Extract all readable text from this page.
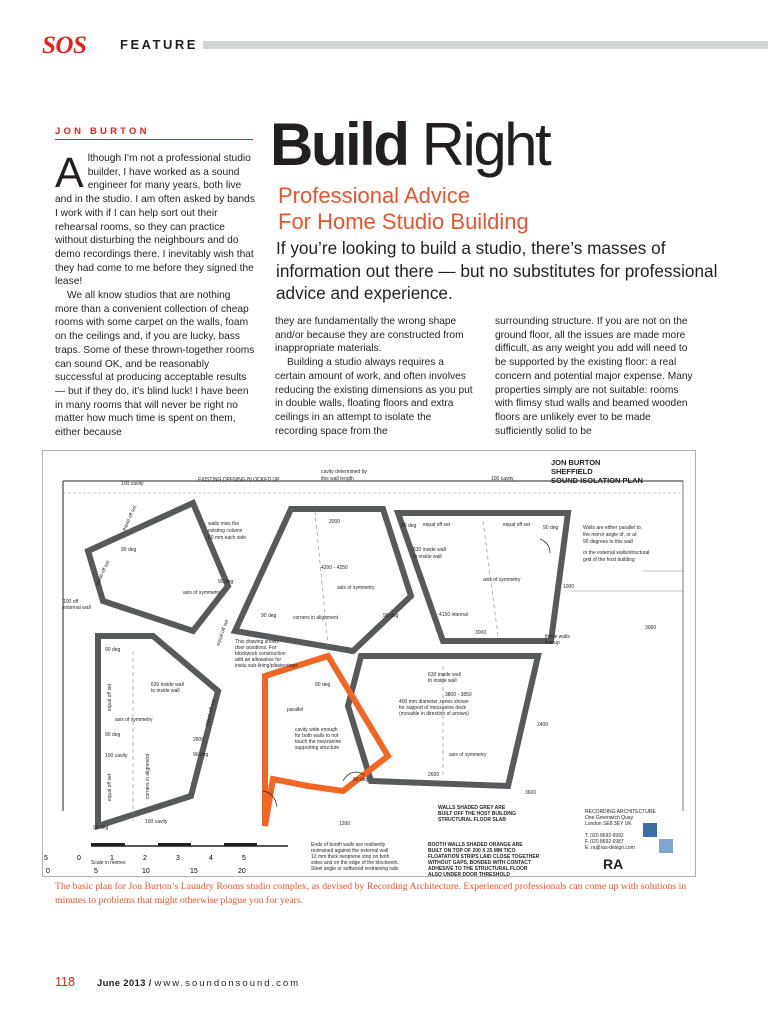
SOS	FEATURE
JON BURTON Build Right
Professional Advice
For Home Studio Building
If you’re looking to build a studio, there’s masses of information out there — but no substitutes for professional advice and experience.

Although I’m not a professional studio builder, I have worked as a sound engineer for many years, both live and in the studio. I am often asked by bands I work with if I can help sort out their rehearsal rooms, so they can practice without disturbing the neighbours and do demo recordings there. I inevitably wish that they had come to me before they signed the lease!

We all know studios that are nothing more than a convenient collection of cheap rooms with some carpet on the walls, foam on the ceilings and, if you are lucky, bass traps. Some of these thrown-together rooms can sound OK, and be reasonably successful at producing acceptable results — but if they do, it’s blind luck! I have been in many rooms that will never be right no matter how much time is spent on them, either because

they are fundamentally the wrong shape and/or because they are constructed from inappropriate materials.

Building a studio always requires a certain amount of work, and often involves reducing the existing dimensions as you put in double walls, floating floors and extra ceilings in an attempt to isolate the recording space from the

surrounding structure. If you are not on the ground floor, all the issues are made more difficult, as any weight you add will need to be supported by the existing floor: a real concern and potential major expense. Many properties simply are not suitable: rooms with flimsy stud walls and beamed wooden floors are unlikely ever to be made sufficiently solid to be

JON BURTON
SHEFFIELD
SOUND ISOLATION PLAN
100 cavity
EXISTING OPENING BLOCKED UP
cavity determined by
this wall length	100 cavity
walls miss the
existing column
50 mm each side
2000
4200 - 4250
axis of symmetry
corners in alignment
90 deg	90 deg
90 deg
90 deg
axis of symmetry
100 off
external wall
90 deg equal off set	equal off set	90 deg
630 inside wall
to inside wall
axis of symmetry
4150 internal
3000
Walls are either parallel to,
the mirror angle of, or at
90 degrees to this wall
or the external walls/structural
grid of the host building
1000
3060
these walls
line up
This drawing shows
door positions. For
blockwork construction
add an allowance for
insitu sub-lining/plasterstops
90 deg
630 inside wall
to inside wall
axis of symmetry
90 deg
100 cavity
100 cavity
90 deg
2800
90 deg
630 inside wall
to inside wall
3800 - 3850
400 mm diameter zones shown
for support of mezzanine deck
(movable in direction of arrows)
axis of symmetry
2600
2400
3600
90 deg
parallel
cavity wide enough
for both walls to not
touch the mezzanine
supporting structure
90 deg
1200
WALLS SHADED GREY ARE
BUILT OFF THE HOST BUILDING
STRUCTURAL FLOOR SLAB
Ends of booth walls are resiliently
restrained against the external wall
12 mm thick neoprene strip on both
sides and on the edge of the blockwork.
Steel angle or softwood restraining rails
BOOTH WALLS SHADED ORANGE ARE
BUILT ON TOP OF 200 X 25 MM TICO
FLOATATION STRIPS LAID CLOSE TOGETHER
WITHOUT GAPS, BONDED WITH CONTACT
ADHESIVE TO THE STRUCTURAL FLOOR
ALSO UNDER DOOR THRESHOLD
RECORDING ARCHITECTURE
One Greenwich Quay
London SE8 3EY UK
T. 020 8692 6992
F. 020 8692 6987
E. ra@ras-design.com
equal off set
equal off set
equal off set
equal off set
equal off set
equal off set
corners in alignment
RA
Scale in metres
5	0	1	2	3	4	5
0	5	10	15	20
The basic plan for Jon Burton’s Laundry Rooms studio complex, as devised by Recording Architecture. Experienced professionals can come up with solutions in minutes to problems that might otherwise plague you for years.
118 June 2013 / www.soundonsound.com
